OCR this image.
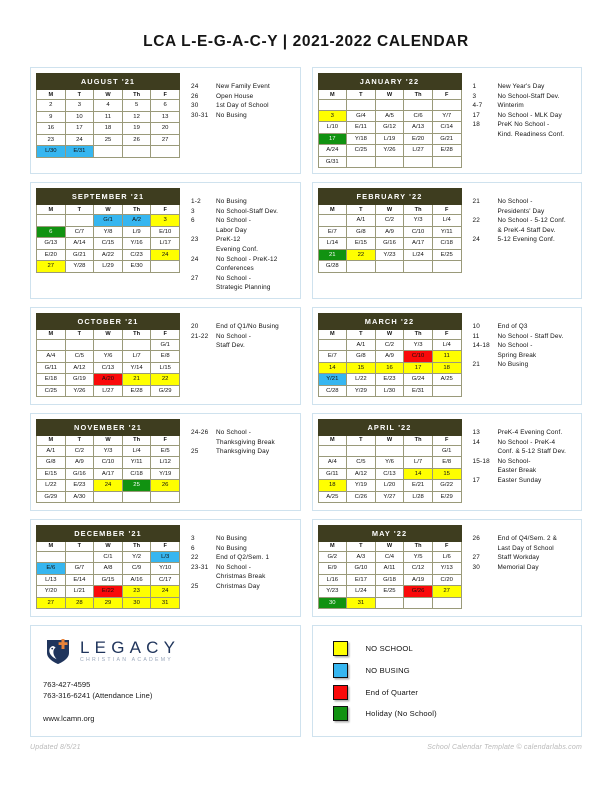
LCA L-E-G-A-C-Y | 2021-2022 CALENDAR
AUGUST '21				
M	T	W	Th	F
2	3	4	5	6
9	10	11	12	13
16	17	18	19	20
23	24	25	26	27
L/30	E/31			
24	New Family Event
26	Open House
30	1st Day of School
30-31	No Busing
JANUARY '22				
M	T	W	Th	F

3	G/4	A/5	C/6	Y/7
L/10	E/11	G/12	A/13	C/14
17	Y/18	L/19	E/20	G/21
A/24	C/25	Y/26	L/27	E/28
G/31				
1	New Year's Day
3	No School-Staff Dev.
4-7	Winterim
17	No School - MLK Day
18	PreK No School -
Kind. Readiness Conf.
SEPTEMBER '21				
M	T	W	Th	F
		G/1	A/2	3
6	C/7	Y/8	L/9	E/10
G/13	A/14	C/15	Y/16	L/17
E/20	G/21	A/22	C/23	24
27	Y/28	L/29	E/30	
1-2	No Busing
3	No School-Staff Dev.
6	No School -
Labor Day
23	PreK-12
Evening Conf.
24	No School - PreK-12
Conferences
27	No School -
Strategic Planning
FEBRUARY '22				
M	T	W	Th	F
	A/1	C/2	Y/3	L/4
E/7	G/8	A/9	C/10	Y/11
L/14	E/15	G/16	A/17	C/18
21	22	Y/23	L/24	E/25
G/28				
21	No School -
Presidents' Day
22	No School - 5-12 Conf.
& PreK-4 Staff Dev.
24	5-12 Evening Conf.
OCTOBER '21				
M	T	W	Th	F
				G/1
A/4	C/5	Y/6	L/7	E/8
G/11	A/12	C/13	Y/14	L/15
E/18	G/19	A/20	21	22
C/25	Y/26	L/27	E/28	G/29
20	End of Q1/No Busing
21-22	No School -
Staff Dev.
MARCH '22				
M	T	W	Th	F
	A/1	C/2	Y/3	L/4
E/7	G/8	A/9	C/10	11
14	15	16	17	18
Y/21	L/22	E/23	G/24	A/25
C/28	Y/29	L/30	E/31	
10	End of Q3
11	No School - Staff Dev.
14-18	No School -
Spring Break
21	No Busing
NOVEMBER '21				
M	T	W	Th	F
A/1	C/2	Y/3	L/4	E/5
G/8	A/9	C/10	Y/11	L/12
E/15	G/16	A/17	C/18	Y/19
L/22	E/23	24	25	26
G/29	A/30			
24-26	No School -
Thanksgiving Break
25	Thanksgiving Day
APRIL '22				
M	T	W	Th	F
				G/1
A/4	C/5	Y/6	L/7	E/8
G/11	A/12	C/13	14	15
18	Y/19	L/20	E/21	G/22
A/25	C/26	Y/27	L/28	E/29
13	PreK-4 Evening Conf.
14	No School - PreK-4
Conf. & 5-12 Staff Dev.
15-18	No School-
Easter Break
17	Easter Sunday
DECEMBER '21				
M	T	W	Th	F
		C/1	Y/2	L/3
E/6	G/7	A/8	C/9	Y/10
L/13	E/14	G/15	A/16	C/17
Y/20	L/21	E/22	23	24
27	28	29	30	31
3	No Busing
6	No Busing
22	End of Q2/Sem. 1
23-31	No School -
Christmas Break
25	Christmas Day
MAY '22				
M	T	W	Th	F
G/2	A/3	C/4	Y/5	L/6
E/9	G/10	A/11	C/12	Y/13
L/16	E/17	G/18	A/19	C/20
Y/23	L/24	E/25	G/26	27
30	31			
26	End of Q4/Sem. 2 &
Last Day of School
27	Staff Workday
30	Memorial Day
LEGACY
CHRISTIAN ACADEMY
763-427-4595
763-316-6241 (Attendance Line)
www.lcamn.org
NO SCHOOL
NO BUSING
End of Quarter
Holiday (No School)
Updated 8/5/21	School Calendar Template © calendarlabs.com
